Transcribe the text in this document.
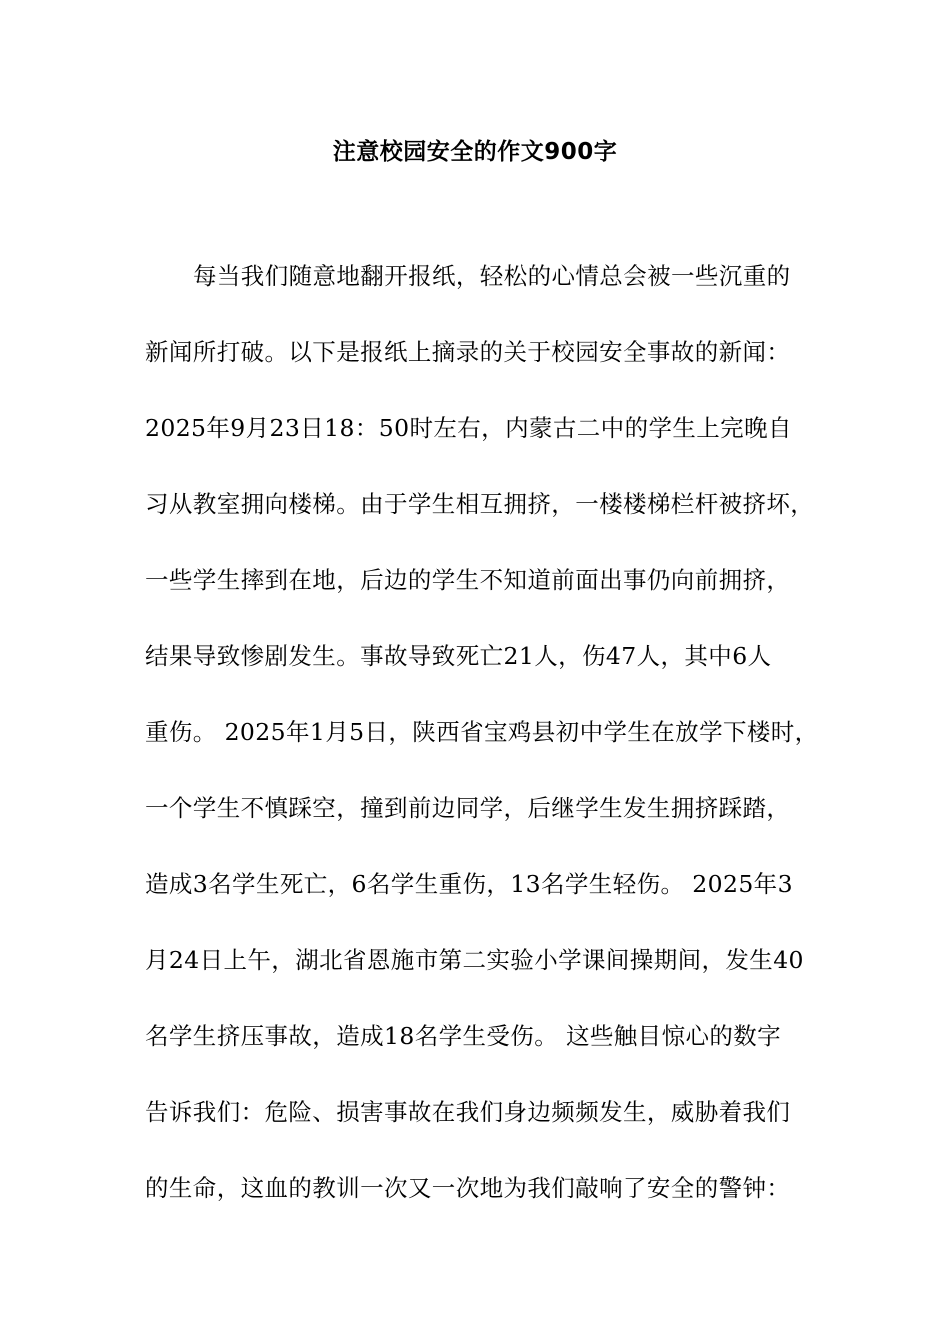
注意校园安全的作文900字
每当我们随意地翻开报纸，轻松的心情总会被一些沉重的
新闻所打破。以下是报纸上摘录的关于校园安全事故的新闻：
2025年9月23日18：50时左右，内蒙古二中的学生上完晚自
习从教室拥向楼梯。由于学生相互拥挤，一楼楼梯栏杆被挤坏，
一些学生摔到在地，后边的学生不知道前面出事仍向前拥挤，
结果导致惨剧发生。事故导致死亡21人，伤47人，其中6人
重伤。 2025年1月5日，陕西省宝鸡县初中学生在放学下楼时，
一个学生不慎踩空，撞到前边同学，后继学生发生拥挤踩踏，
造成3名学生死亡，6名学生重伤，13名学生轻伤。 2025年3
月24日上午，湖北省恩施市第二实验小学课间操期间，发生40
名学生挤压事故，造成18名学生受伤。 这些触目惊心的数字
告诉我们：危险、损害事故在我们身边频频发生，威胁着我们
的生命，这血的教训一次又一次地为我们敲响了安全的警钟：
